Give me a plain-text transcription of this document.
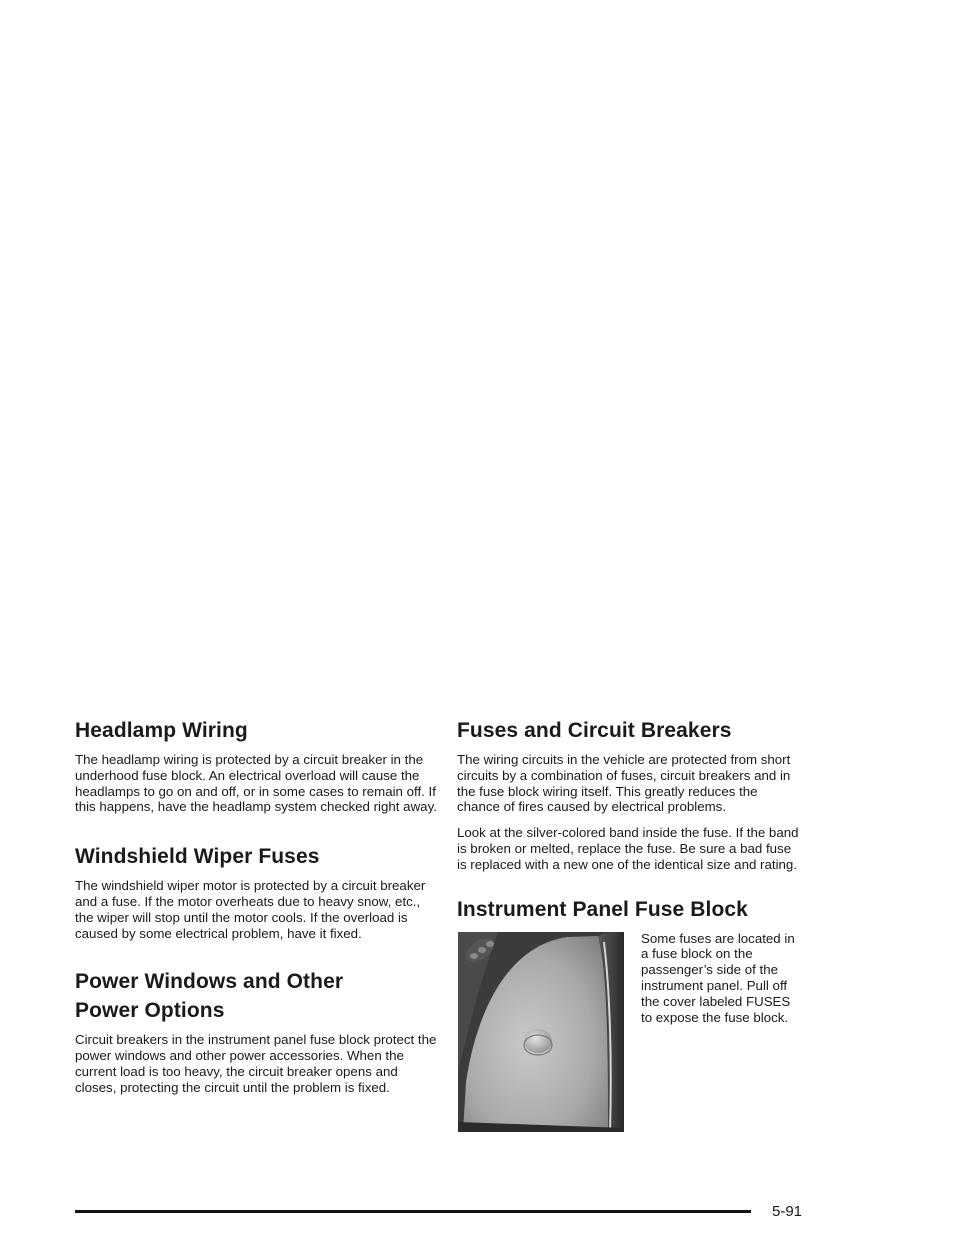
Headlamp Wiring

The headlamp wiring is protected by a circuit breaker in the underhood fuse block. An electrical overload will cause the headlamps to go on and off, or in some cases to remain off. If this happens, have the headlamp system checked right away.

Windshield Wiper Fuses

The windshield wiper motor is protected by a circuit breaker and a fuse. If the motor overheats due to heavy snow, etc., the wiper will stop until the motor cools. If the overload is caused by some electrical problem, have it fixed.

Power Windows and Other
Power Options

Circuit breakers in the instrument panel fuse block protect the power windows and other power accessories. When the current load is too heavy, the circuit breaker opens and closes, protecting the circuit until the problem is fixed.

Fuses and Circuit Breakers

The wiring circuits in the vehicle are protected from short circuits by a combination of fuses, circuit breakers and in the fuse block wiring itself. This greatly reduces the chance of fires caused by electrical problems.

Look at the silver-colored band inside the fuse. If the band is broken or melted, replace the fuse. Be sure a bad fuse is replaced with a new one of the identical size and rating.

Instrument Panel Fuse Block

Some fuses are located in a fuse block on the passenger’s side of the instrument panel. Pull off the cover labeled FUSES to expose the fuse block.

5-91
